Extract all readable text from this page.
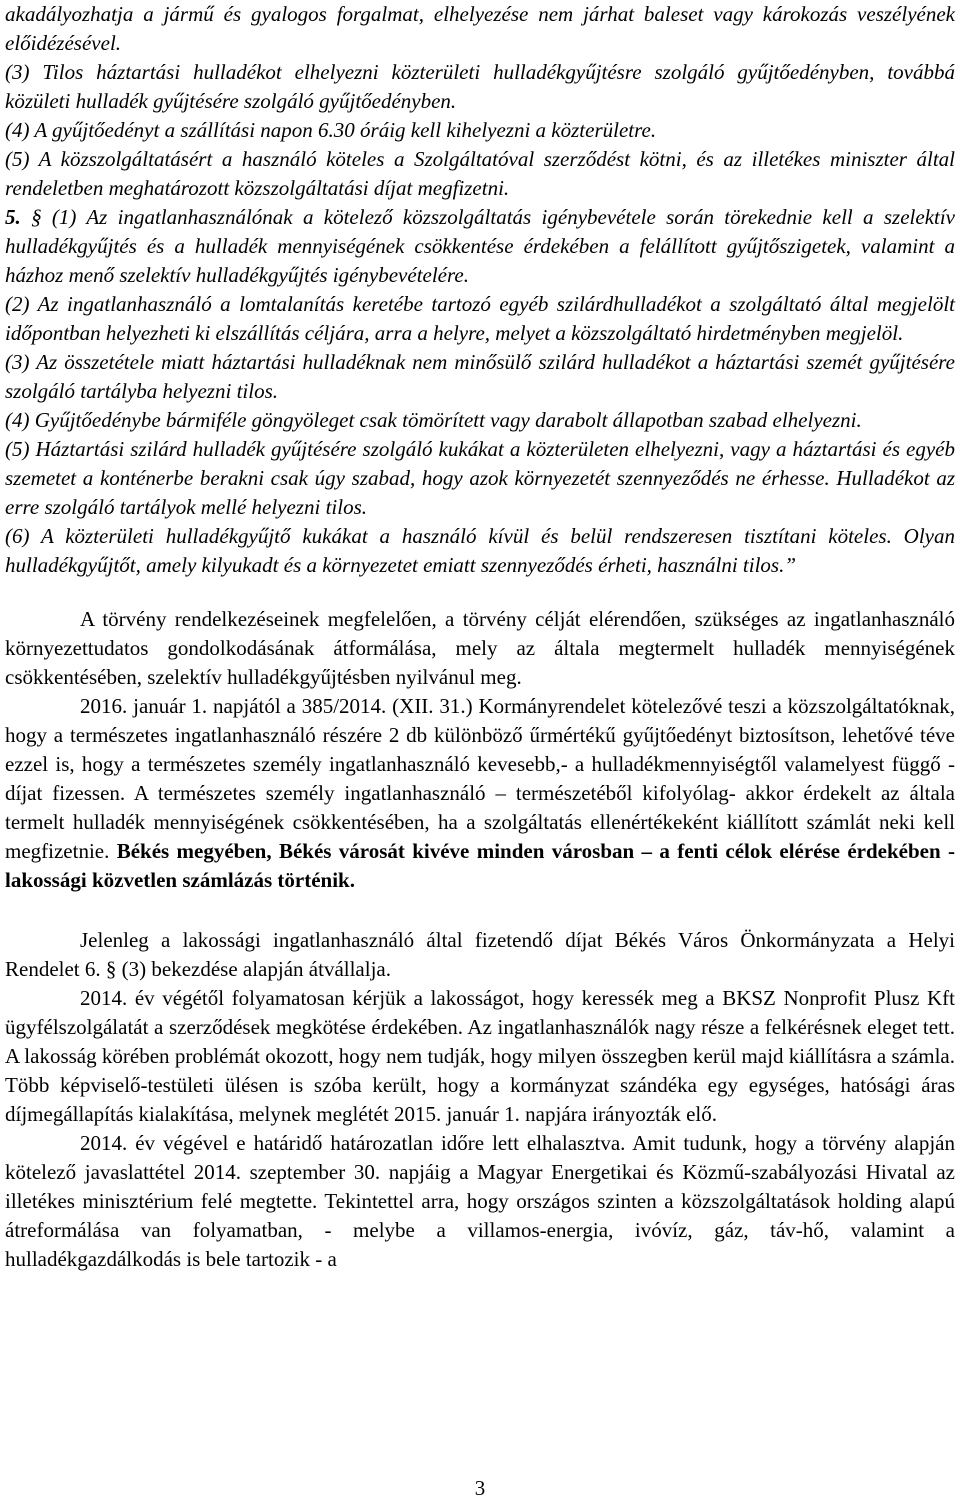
akadályozhatja a jármű és gyalogos forgalmat, elhelyezése nem járhat baleset vagy károkozás veszélyének előidézésével.

(3) Tilos háztartási hulladékot elhelyezni közterületi hulladékgyűjtésre szolgáló gyűjtőedényben, továbbá közületi hulladék gyűjtésére szolgáló gyűjtőedényben.

(4) A gyűjtőedényt a szállítási napon 6.30 óráig kell kihelyezni a közterületre.

(5) A közszolgáltatásért a használó köteles a Szolgáltatóval szerződést kötni, és az illetékes miniszter által rendeletben meghatározott közszolgáltatási díjat megfizetni.

5. § (1) Az ingatlanhasználónak a kötelező közszolgáltatás igénybevétele során törekednie kell a szelektív hulladékgyűjtés és a hulladék mennyiségének csökkentése érdekében a felállított gyűjtőszigetek, valamint a házhoz menő szelektív hulladékgyűjtés igénybevételére.

(2) Az ingatlanhasználó a lomtalanítás keretébe tartozó egyéb szilárdhulladékot a szolgáltató által megjelölt időpontban helyezheti ki elszállítás céljára, arra a helyre, melyet a közszolgáltató hirdetményben megjelöl.

(3) Az összetétele miatt háztartási hulladéknak nem minősülő szilárd hulladékot a háztartási szemét gyűjtésére szolgáló tartályba helyezni tilos.

(4) Gyűjtőedénybe bármiféle göngyöleget csak tömörített vagy darabolt állapotban szabad elhelyezni.

(5) Háztartási szilárd hulladék gyűjtésére szolgáló kukákat a közterületen elhelyezni, vagy a háztartási és egyéb szemetet a konténerbe berakni csak úgy szabad, hogy azok környezetét szennyeződés ne érhesse. Hulladékot az erre szolgáló tartályok mellé helyezni tilos.

(6) A közterületi hulladékgyűjtő kukákat a használó kívül és belül rendszeresen tisztítani köteles. Olyan hulladékgyűjtőt, amely kilyukadt és a környezetet emiatt szennyeződés érheti, használni tilos.”

A törvény rendelkezéseinek megfelelően, a törvény célját elérendően, szükséges az ingatlanhasználó környezettudatos gondolkodásának átformálása, mely az általa megtermelt hulladék mennyiségének csökkentésében, szelektív hulladékgyűjtésben nyilvánul meg.

2016. január 1. napjától a 385/2014. (XII. 31.) Kormányrendelet kötelezővé teszi a közszolgáltatóknak, hogy a természetes ingatlanhasználó részére 2 db különböző űrmértékű gyűjtőedényt biztosítson, lehetővé téve ezzel is, hogy a természetes személy ingatlanhasználó kevesebb,- a hulladékmennyiségtől valamelyest függő - díjat fizessen. A természetes személy ingatlanhasználó – természetéből kifolyólag- akkor érdekelt az általa termelt hulladék mennyiségének csökkentésében, ha a szolgáltatás ellenértékeként kiállított számlát neki kell megfizetnie. Békés megyében, Békés városát kivéve minden városban – a fenti célok elérése érdekében - lakossági közvetlen számlázás történik.

Jelenleg a lakossági ingatlanhasználó által fizetendő díjat Békés Város Önkormányzata a Helyi Rendelet 6. § (3) bekezdése alapján átvállalja.

2014. év végétől folyamatosan kérjük a lakosságot, hogy keressék meg a BKSZ Nonprofit Plusz Kft ügyfélszolgálatát a szerződések megkötése érdekében. Az ingatlanhasználók nagy része a felkérésnek eleget tett. A lakosság körében problémát okozott, hogy nem tudják, hogy milyen összegben kerül majd kiállításra a számla. Több képviselő-testületi ülésen is szóba került, hogy a kormányzat szándéka egy egységes, hatósági áras díjmegállapítás kialakítása, melynek meglétét 2015. január 1. napjára irányozták elő.

2014. év végével e határidő határozatlan időre lett elhalasztva. Amit tudunk, hogy a törvény alapján kötelező javaslattétel 2014. szeptember 30. napjáig a Magyar Energetikai és Közmű-szabályozási Hivatal az illetékes minisztérium felé megtette. Tekintettel arra, hogy országos szinten a közszolgáltatások holding alapú átreformálása van folyamatban, - melybe a villamos-energia, ivóvíz, gáz, táv-hő, valamint a hulladékgazdálkodás is bele tartozik - a

3
